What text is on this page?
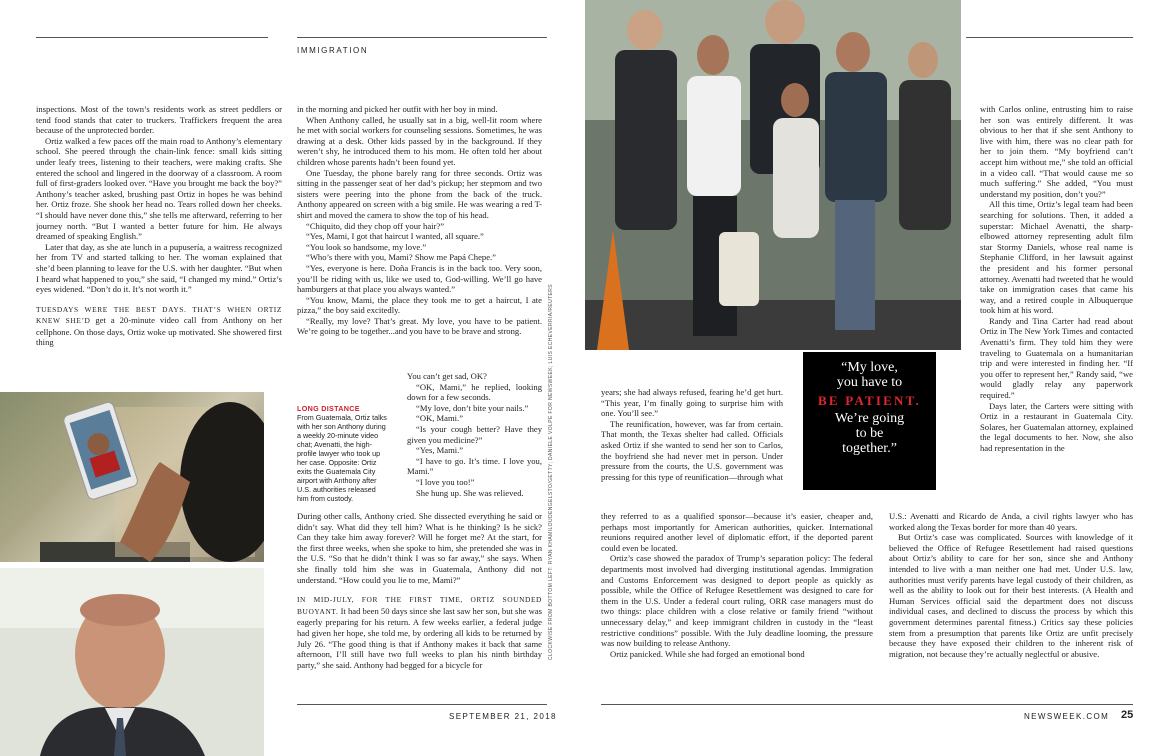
IMMIGRATION

inspections. Most of the town’s residents work as street peddlers or tend food stands that cater to truckers. Traffickers frequent the area because of the unprotected border.

Ortiz walked a few paces off the main road to Anthony’s elementary school. She peered through the chain-link fence: small kids sitting under leafy trees, listening to their teachers, were making crafts. She entered the school and lingered in the doorway of a classroom. A room full of first-graders looked over. “Have you brought me back the boy?” Anthony’s teacher asked, brushing past Ortiz in hopes he was behind her. Ortiz froze. She shook her head no. Tears rolled down her cheeks. “I should have never done this,” she tells me afterward, referring to her journey north. “But I wanted a better future for him. He always dreamed of speaking English.”

Later that day, as she ate lunch in a pupusería, a waitress recognized her from TV and started talking to her. The woman explained that she’d been planning to leave for the U.S. with her daughter. “But when I heard what happened to you,” she said, “I changed my mind.” Ortiz’s eyes widened. “Don’t do it. It’s not worth it.”

TUESDAYS WERE THE BEST DAYS. THAT’S WHEN ORTIZ KNEW SHE’D get a 20-minute video call from Anthony on her cellphone. On those days, Ortiz woke up motivated. She showered first thing

in the morning and picked her outfit with her boy in mind.

When Anthony called, he usually sat in a big, well-lit room where he met with social workers for counseling sessions. Sometimes, he was drawing at a desk. Other kids passed by in the background. If they weren’t shy, he introduced them to his mom. He often told her about children whose parents hadn’t been found yet.

One Tuesday, the phone barely rang for three seconds. Ortiz was sitting in the passenger seat of her dad’s pickup; her stepmom and two sisters were peering into the phone from the back of the truck. Anthony appeared on screen with a big smile. He was wearing a red T-shirt and moved the camera to show the top of his head.

“Chiquito, did they chop off your hair?”

“Yes, Mami, I got that haircut I wanted, all square.”

“You look so handsome, my love.”

“Who’s there with you, Mami? Show me Papá Chepe.”

“Yes, everyone is here. Doña Francis is in the back too. Very soon, you’ll be riding with us, like we used to, God-willing. We’ll go have hamburgers at that place you always wanted.”

“You know, Mami, the place they took me to get a haircut, I ate pizza,” the boy said excitedly.

“Really, my love? That’s great. My love, you have to be patient. We’re going to be together...and you have to be brave and strong.

LONG DISTANCE
From Guatemala, Ortiz talks with her son Anthony during a weekly 20-minute video chat; Avenatti, the high-profile lawyer who took up her case. Opposite: Ortiz exits the Guatemala City airport with Anthony after U.S. authorities released him from custody.

You can’t get sad, OK?

“OK, Mami,” he replied, looking down for a few seconds.

“My love, don’t bite your nails.”

“OK, Mami.”

“Is your cough better? Have they given you medicine?”

“Yes, Mami.”

“I have to go. It’s time. I love you, Mami.”

“I love you too!”

She hung up. She was relieved.

During other calls, Anthony cried. She dissected everything he said or didn’t say. What did they tell him? What is he thinking? Is he sick? Can they take him away forever? Will he forget me? At the start, for the first three weeks, when she spoke to him, she pretended she was in the U.S. “So that he didn’t think I was so far away,” she says. When she finally told him she was in Guatemala, Anthony did not understand. “How could you lie to me, Mami?”

IN MID-JULY, FOR THE FIRST TIME, ORTIZ SOUNDED BUOYANT. It had been 50 days since she last saw her son, but she was eagerly preparing for his return. A few weeks earlier, a federal judge had given her hope, she told me, by ordering all kids to be returned by July 26. “The good thing is that if Anthony makes it back that same afternoon, I’ll still have two full weeks to plan his ninth birthday party,” she said. Anthony had begged for a bicycle for

CLOCKWISE FROM BOTTOM LEFT: RYAN KHAMILOUDENGELSTO/GETTY; DANIELE VOLPE FOR NEWSWEEK; LUIS ECHEVERRIA/REUTERS	years; she had always refused, fearing he’d get hurt. “This year, I’m finally going to surprise him with one. You’ll see.”

The reunification, however, was far from certain. That month, the Texas shelter had called. Officials asked Ortiz if she wanted to send her son to Carlos, the boyfriend she had never met in person. Under pressure from the courts, the U.S. government was pressing for this type of reunification—through what

they referred to as a qualified sponsor—because it’s easier, cheaper and, perhaps most importantly for American authorities, quicker. International reunions required another level of diplomatic effort, if the deported parent could even be located.

Ortiz’s case showed the paradox of Trump’s separation policy: The federal departments most involved had diverging institutional agendas. Immigration and Customs Enforcement was designed to deport people as quickly as possible, while the Office of Refugee Resettlement was designed to care for them in the U.S. Under a federal court ruling, ORR case managers must do two things: place children with a close relative or family friend “without unnecessary delay,” and keep immigrant children in custody in the “least restrictive conditions” possible. With the July deadline looming, the pressure was now building to release Anthony.

Ortiz panicked. While she had forged an emotional bond

“My love,
you have to
BE PATIENT.
We’re going
to be
together.”

with Carlos online, entrusting him to raise her son was entirely different. It was obvious to her that if she sent Anthony to live with him, there was no clear path for her to join them. “My boyfriend can’t accept him without me,” she told an official in a video call. “That would cause me so much suffering.” She added, “You must understand my position, don’t you?”

All this time, Ortiz’s legal team had been searching for solutions. Then, it added a superstar: Michael Avenatti, the sharp-elbowed attorney representing adult film star Stormy Daniels, whose real name is Stephanie Clifford, in her lawsuit against the president and his former personal attorney. Avenatti had tweeted that he would take on immigration cases that came his way, and a retired couple in Albuquerque took him at his word.

Randy and Tina Carter had read about Ortiz in The New York Times and contacted Avenatti’s firm. They told him they were traveling to Guatemala on a humanitarian trip and were interested in finding her. “If you offer to represent her,” Randy said, “we would gladly relay any paperwork required.”

Days later, the Carters were sitting with Ortiz in a restaurant in Guatemala City. Solares, her Guatemalan attorney, explained the legal documents to her. Now, she also had representation in the

U.S.: Avenatti and Ricardo de Anda, a civil rights lawyer who has worked along the Texas border for more than 40 years.

But Ortiz’s case was complicated. Sources with knowledge of it believed the Office of Refugee Resettlement had raised questions about Ortiz’s ability to care for her son, since she and Anthony intended to live with a man neither one had met. Under U.S. law, authorities must verify parents have legal custody of their children, as well as the ability to look out for their best interests. (A Health and Human Services official said the department does not discuss individual cases, and declined to discuss the process by which this government determines parental fitness.) Critics say these policies stem from a presumption that parents like Ortiz are unfit precisely because they have exposed their children to the inherent risk of migration, not because they’re actually neglectful or abusive.

SEPTEMBER 21, 2018	NEWSWEEK.COM 25
